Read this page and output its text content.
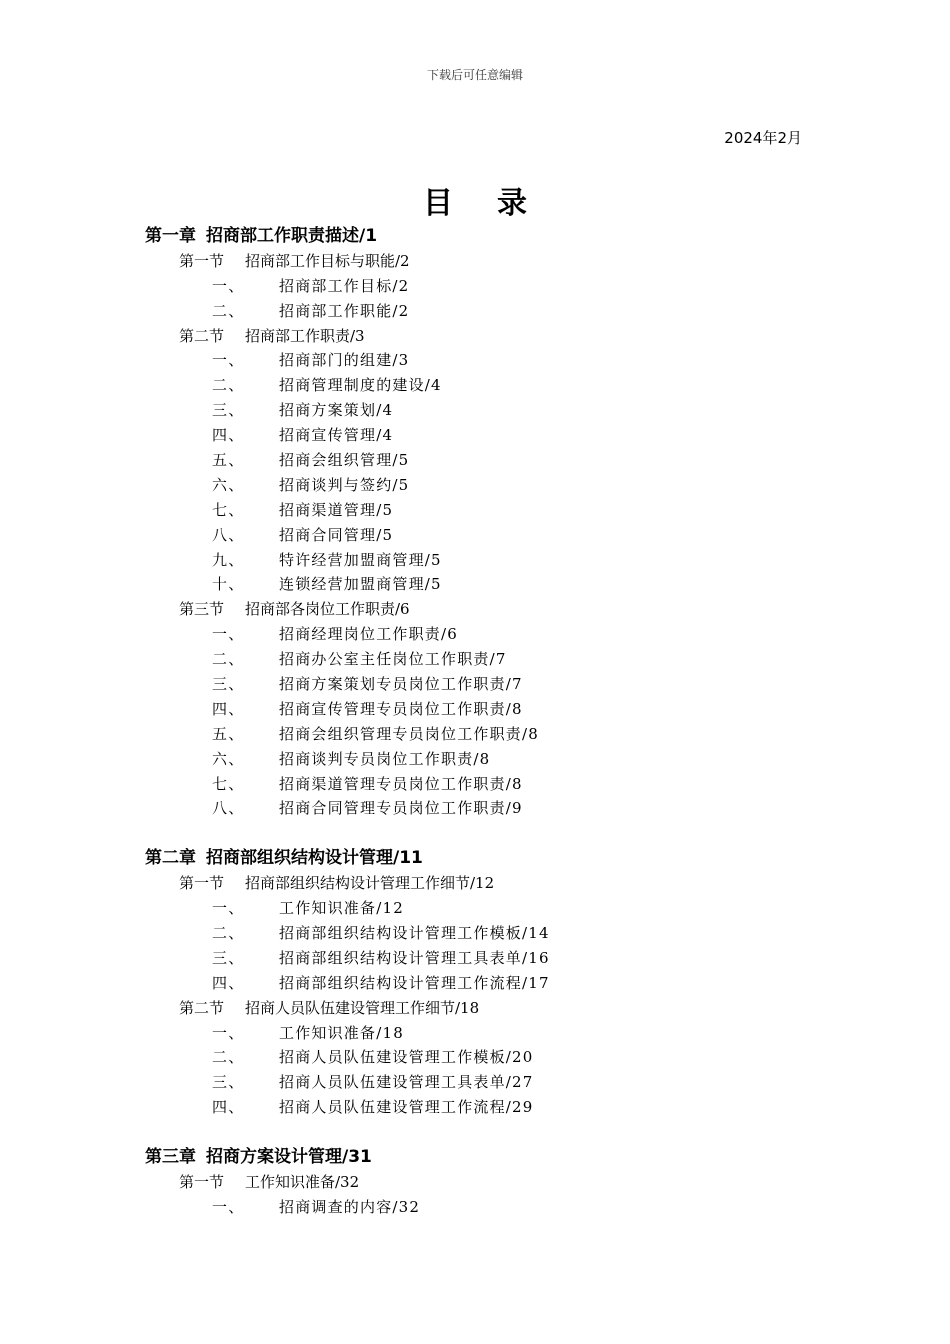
下载后可任意编辑
2024年2月
目录
第一章 招商部工作职责描述/1
第一节 招商部工作目标与职能/2
一、 招商部工作目标/2
二、 招商部工作职能/2
第二节 招商部工作职责/3
一、 招商部门的组建/3
二、 招商管理制度的建设/4
三、 招商方案策划/4
四、 招商宣传管理/4
五、 招商会组织管理/5
六、 招商谈判与签约/5
七、 招商渠道管理/5
八、 招商合同管理/5
九、 特许经营加盟商管理/5
十、 连锁经营加盟商管理/5
第三节 招商部各岗位工作职责/6
一、 招商经理岗位工作职责/6
二、 招商办公室主任岗位工作职责/7
三、 招商方案策划专员岗位工作职责/7
四、 招商宣传管理专员岗位工作职责/8
五、 招商会组织管理专员岗位工作职责/8
六、 招商谈判专员岗位工作职责/8
七、 招商渠道管理专员岗位工作职责/8
八、 招商合同管理专员岗位工作职责/9
第二章 招商部组织结构设计管理/11
第一节 招商部组织结构设计管理工作细节/12
一、 工作知识准备/12
二、 招商部组织结构设计管理工作模板/14
三、 招商部组织结构设计管理工具表单/16
四、 招商部组织结构设计管理工作流程/17
第二节 招商人员队伍建设管理工作细节/18
一、 工作知识准备/18
二、 招商人员队伍建设管理工作模板/20
三、 招商人员队伍建设管理工具表单/27
四、 招商人员队伍建设管理工作流程/29
第三章 招商方案设计管理/31
第一节 工作知识准备/32
一、 招商调查的内容/32
